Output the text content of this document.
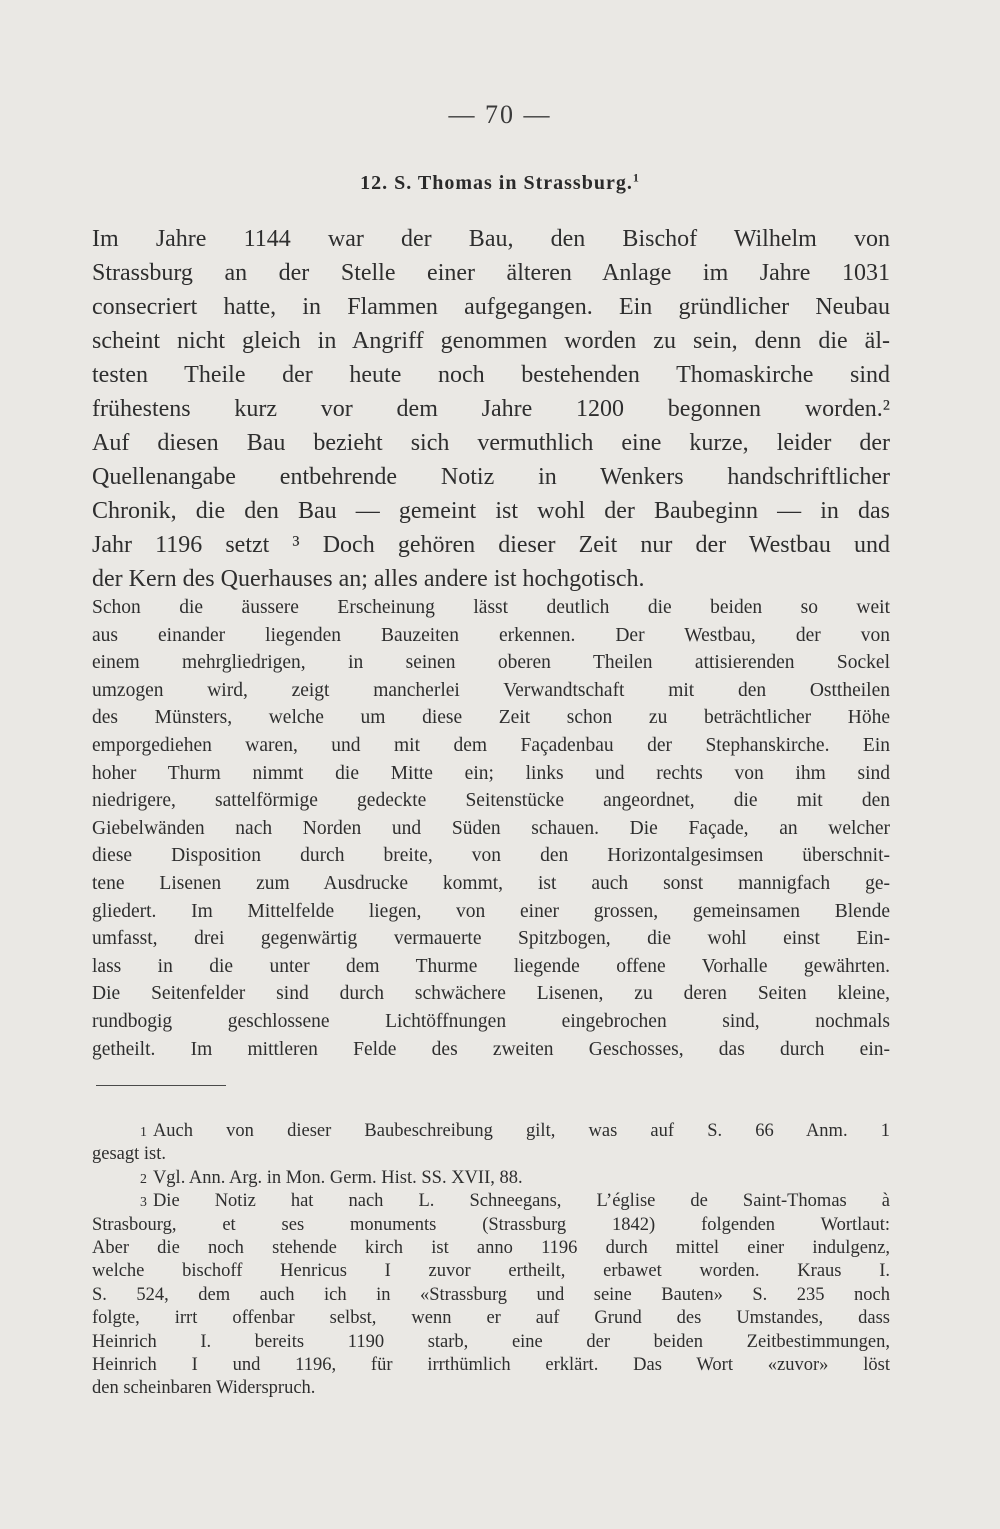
— 70 —
12. S. Thomas in Strassburg.$^1$
Im Jahre 1144 war der Bau, den Bischof Wilhelm von
Strassburg an der Stelle einer älteren Anlage im Jahre 1031
consecriert hatte, in Flammen aufgegangen. Ein gründlicher Neubau
scheint nicht gleich in Angriff genommen worden zu sein, denn die äl-
testen Theile der heute noch bestehenden Thomaskirche sind
frühestens kurz vor dem Jahre 1200 begonnen worden.²
Auf diesen Bau bezieht sich vermuthlich eine kurze, leider der
Quellenangabe entbehrende Notiz in Wenkers handschriftlicher
Chronik, die den Bau — gemeint ist wohl der Baubeginn — in das
Jahr 1196 setzt ³ Doch gehören dieser Zeit nur der Westbau und
der Kern des Querhauses an; alles andere ist hochgotisch.
Schon die äussere Erscheinung lässt deutlich die beiden so weit
aus einander liegenden Bauzeiten erkennen. Der Westbau, der von
einem mehrgliedrigen, in seinen oberen Theilen attisierenden Sockel
umzogen wird, zeigt mancherlei Verwandtschaft mit den Osttheilen
des Münsters, welche um diese Zeit schon zu beträchtlicher Höhe
emporgediehen waren, und mit dem Façadenbau der Stephanskirche. Ein
hoher Thurm nimmt die Mitte ein; links und rechts von ihm sind
niedrigere, sattelförmige gedeckte Seitenstücke angeordnet, die mit den
Giebelwänden nach Norden und Süden schauen. Die Façade, an welcher
diese Disposition durch breite, von den Horizontalgesimsen überschnit-
tene Lisenen zum Ausdrucke kommt, ist auch sonst mannigfach ge-
gliedert. Im Mittelfelde liegen, von einer grossen, gemeinsamen Blende
umfasst, drei gegenwärtig vermauerte Spitzbogen, die wohl einst Ein-
lass in die unter dem Thurme liegende offene Vorhalle gewährten.
Die Seitenfelder sind durch schwächere Lisenen, zu deren Seiten kleine,
rundbogig geschlossene Lichtöffnungen eingebrochen sind, nochmals
getheilt. Im mittleren Felde des zweiten Geschosses, das durch ein-
1 Auch von dieser Baubeschreibung gilt, was auf S. 66 Anm. 1
gesagt ist.
2 Vgl. Ann. Arg. in Mon. Germ. Hist. SS. XVII, 88.
3 Die Notiz hat nach L. Schneegans, L’église de Saint-Thomas à
Strasbourg, et ses monuments (Strassburg 1842) folgenden Wortlaut:
Aber die noch stehende kirch ist anno 1196 durch mittel einer indulgenz,
welche bischoff Henricus I zuvor ertheilt, erbawet worden. Kraus I.
S. 524, dem auch ich in «Strassburg und seine Bauten» S. 235 noch
folgte, irrt offenbar selbst, wenn er auf Grund des Umstandes, dass
Heinrich I. bereits 1190 starb, eine der beiden Zeitbestimmungen,
Heinrich I und 1196, für irrthümlich erklärt. Das Wort «zuvor» löst
den scheinbaren Widerspruch.
